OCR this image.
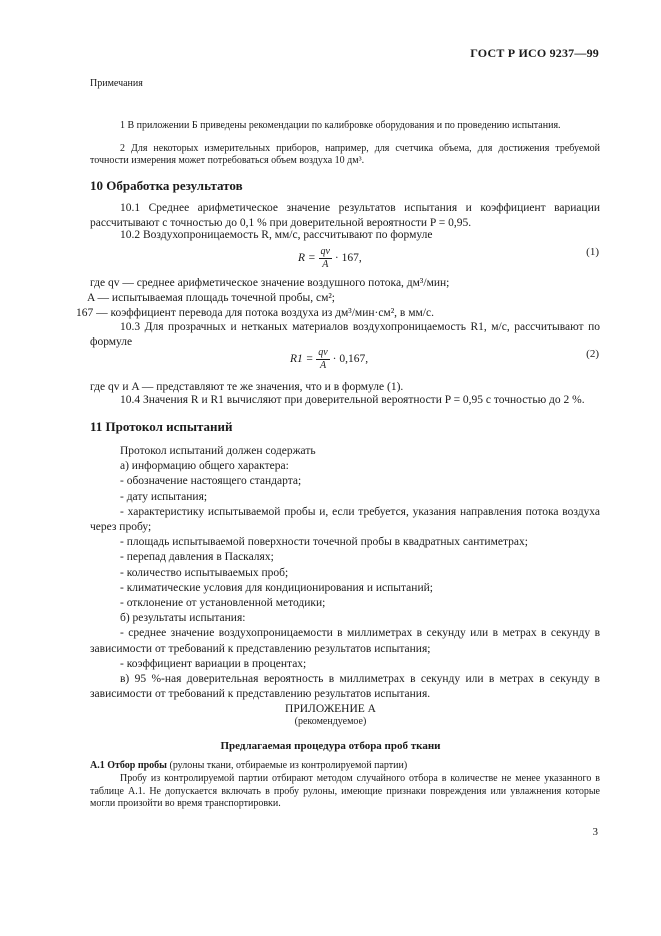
ГОСТ Р ИСО 9237—99
Примечания
1 В приложении Б приведены рекомендации по калибровке оборудования и по проведению испытания.
2 Для некоторых измерительных приборов, например, для счетчика объема, для достижения требуемой точности измерения может потребоваться объем воздуха 10 дм³.
10 Обработка результатов
10.1 Среднее арифметическое значение результатов испытания и коэффициент вариации рассчитывают с точностью до 0,1 % при доверительной вероятности P = 0,95.
10.2 Воздухопроницаемость R, мм/с, рассчитывают по формуле
$R = \frac{qv}{A} \cdot 167$,
(1)
где qv — среднее арифметическое значение воздушного потока, дм³/мин;
A — испытываемая площадь точечной пробы, см²;
167 — коэффициент перевода для потока воздуха из дм³/мин·см², в мм/с.
10.3 Для прозрачных и нетканых материалов воздухопроницаемость R1, м/с, рассчитывают по формуле
$R1 = \frac{qv}{A} \cdot 0,167$,	(2)
где qv и A — представляют те же значения, что и в формуле (1).
10.4 Значения R и R1 вычисляют при доверительной вероятности P = 0,95 с точностью до 2 %.
11 Протокол испытаний
Протокол испытаний должен содержать
а) информацию общего характера:
- обозначение настоящего стандарта;
- дату испытания;
- характеристику испытываемой пробы и, если требуется, указания направления потока воздуха через пробу;
- площадь испытываемой поверхности точечной пробы в квадратных сантиметрах;
- перепад давления в Паскалях;
- количество испытываемых проб;
- климатические условия для кондиционирования и испытаний;
- отклонение от установленной методики;
б) результаты испытания:
- среднее значение воздухопроницаемости в миллиметрах в секунду или в метрах в секунду в зависимости от требований к представлению результатов испытания;
- коэффициент вариации в процентах;
в) 95 %-ная доверительная вероятность в миллиметрах в секунду или в метрах в секунду в зависимости от требований к представлению результатов испытания.
ПРИЛОЖЕНИЕ А
(рекомендуемое)
Предлагаемая процедура отбора проб ткани
А.1 Отбор пробы (рулоны ткани, отбираемые из контролируемой партии)
Пробу из контролируемой партии отбирают методом случайного отбора в количестве не менее указанного в таблице А.1. Не допускается включать в пробу рулоны, имеющие признаки повреждения или увлажнения которые могли произойти во время транспортировки.
3
